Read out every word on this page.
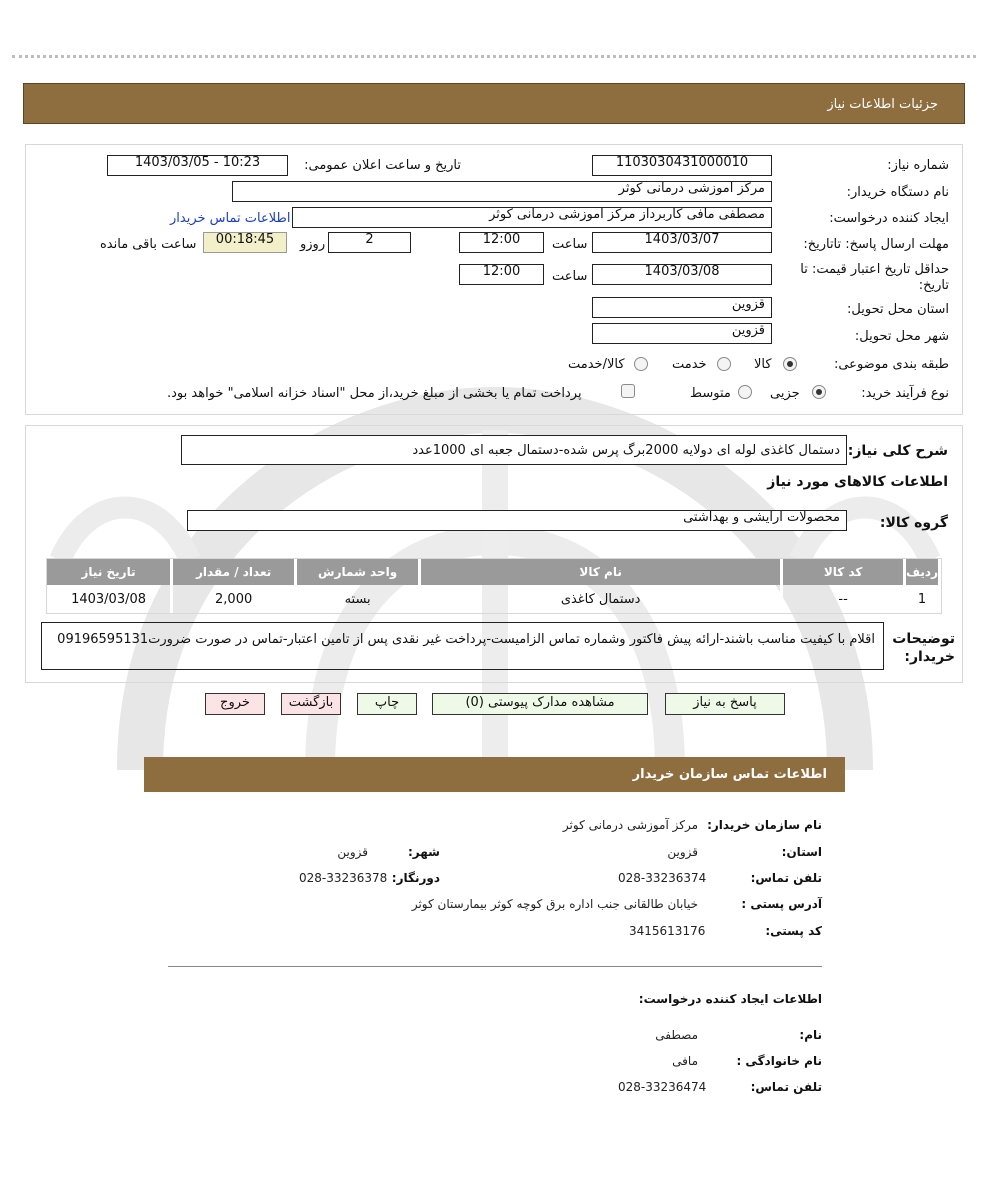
جزئیات اطلاعات نیاز
شماره نیاز:
1103030431000010
تاریخ و ساعت اعلان عمومی:
1403/03/05 - 10:23
نام دستگاه خریدار:
مرکز آموزشی درمانی کوثر
ایجاد کننده درخواست:
مصطفی مافی کاربرداز مرکز آموزشی درمانی کوثر
اطلاعات تماس خریدار
مهلت ارسال پاسخ: تاتاریخ:
1403/03/07
ساعت
12:00
2
روزو
00:18:45
ساعت باقی مانده
حداقل تاریخ اعتبار قیمت: تا تاریخ:
1403/03/08
ساعت
12:00
استان محل تحویل:
قزوین
شهر محل تحویل:
قزوین
طبقه بندی موضوعی:
کالا
خدمت
کالا/خدمت
نوع فرآیند خرید:
جزیی
متوسط
پرداخت تمام یا بخشی از مبلغ خرید،از محل "اسناد خزانه اسلامی" خواهد بود.
شرح کلی نیاز:
دستمال کاغذی لوله ای دولایه 2000برگ پرس شده-دستمال جعبه ای 1000عدد
اطلاعات کالاهای مورد نیاز
گروه کالا:
محصولات آرایشی و بهداشتی
ردیف	کد کالا	نام کالا	واحد شمارش	تعداد / مقدار	تاریخ نیاز
1	--	دستمال کاغذی	بسته	2,000	1403/03/08
توضیحات خریدار:
اقلام با کیفیت مناسب باشند-ارائه پیش فاکتور وشماره تماس الزامیست-پرداخت غیر نقدی پس از تامین اعتبار-تماس در صورت ضرورت09196595131
پاسخ به نیاز
مشاهده مدارک پیوستی (0)
چاپ
بازگشت
خروج
اطلاعات تماس سازمان خریدار
نام سازمان خریدار:
مرکز آموزشی درمانی کوثر
استان:
قزوین
شهر:
قزوین
تلفن تماس:
028-33236374
دورنگار:
028-33236378
آدرس پستی :
خیابان طالقانی جنب اداره برق کوچه کوثر بیمارستان کوثر
کد پستی:
3415613176
اطلاعات ایجاد کننده درخواست:
نام:
مصطفی
نام خانوادگی :
مافی
تلفن تماس:
028-33236474
